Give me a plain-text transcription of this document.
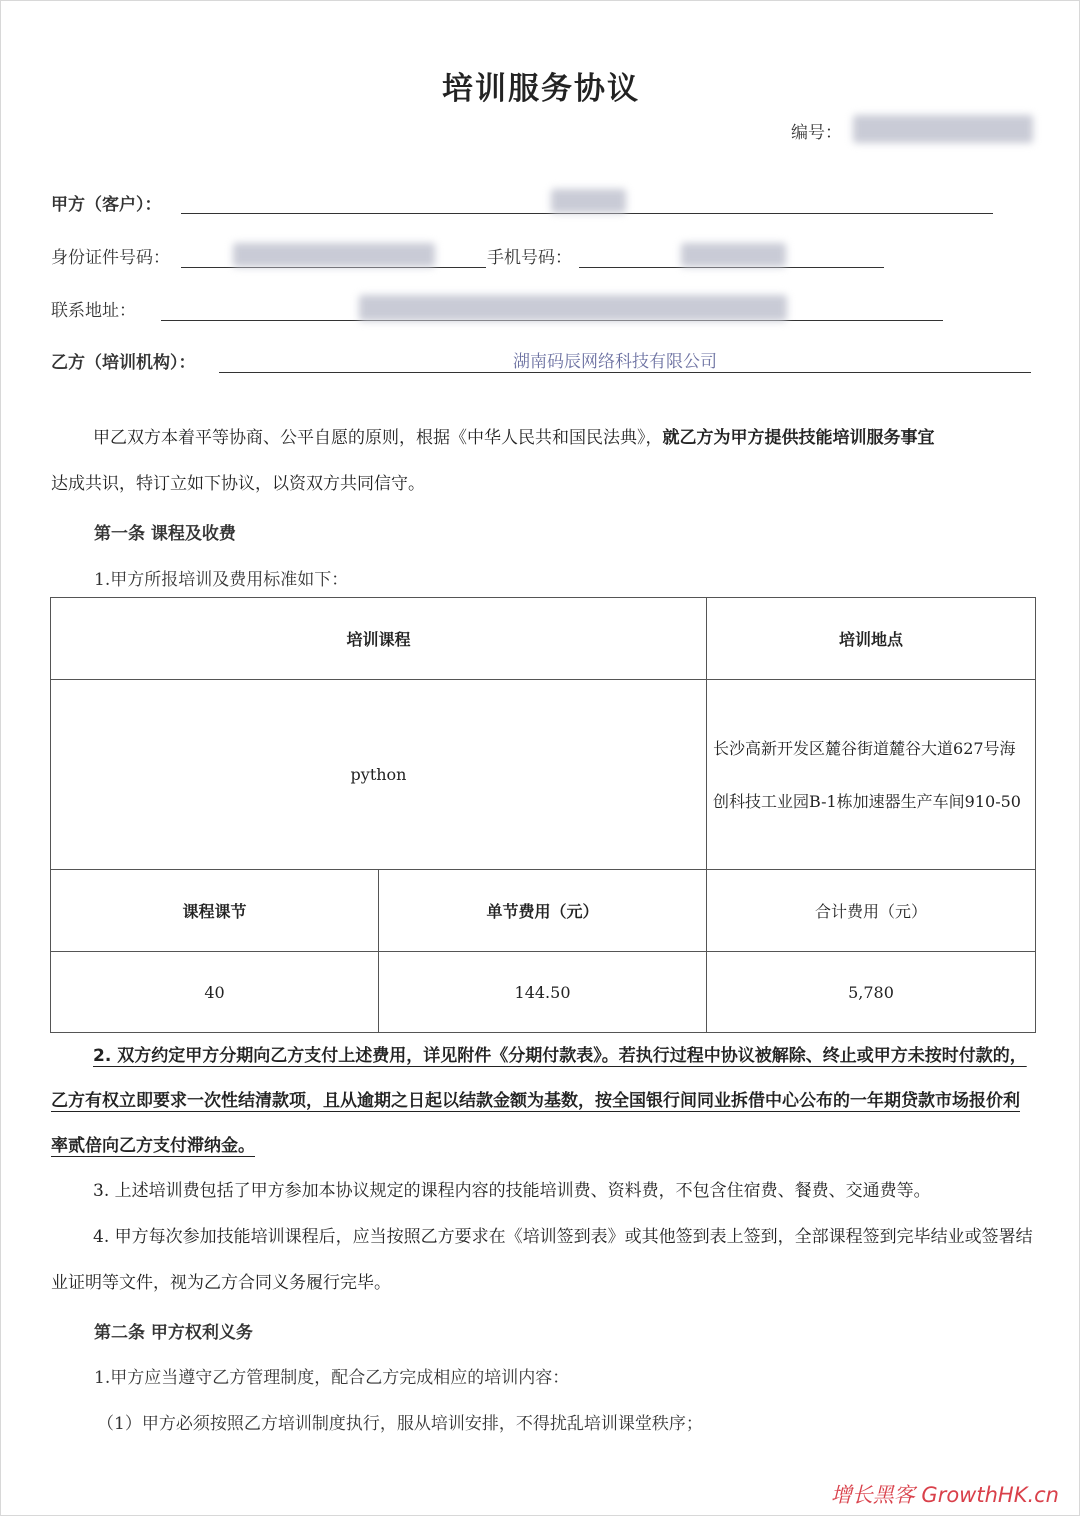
培训服务协议
编号：
甲方（客户）：
身份证件号码：	手机号码：
联系地址：
乙方（培训机构）：	湖南码辰网络科技有限公司
甲乙双方本着平等协商、公平自愿的原则，根据《中华人民共和国民法典》，就乙方为甲方提供技能培训服务事宜
达成共识，特订立如下协议，以资双方共同信守。
第一条 课程及收费
1.甲方所报培训及费用标准如下：
培训课程		培训地点
python		长沙高新开发区麓谷街道麓谷大道627号海创科技工业园B-1栋加速器生产车间910-50
课程课节	单节费用（元）	合计费用（元）
40	144.50	5,780
2. 双方约定甲方分期向乙方支付上述费用，详见附件《分期付款表》。若执行过程中协议被解除、终止或甲方未按时付款的，乙方有权立即要求一次性结清款项，且从逾期之日起以结款金额为基数，按全国银行间同业拆借中心公布的一年期贷款市场报价利率贰倍向乙方支付滞纳金。
3. 上述培训费包括了甲方参加本协议规定的课程内容的技能培训费、资料费，不包含住宿费、餐费、交通费等。
4. 甲方每次参加技能培训课程后，应当按照乙方要求在《培训签到表》或其他签到表上签到，全部课程签到完毕结业或签署结业证明等文件，视为乙方合同义务履行完毕。
第二条 甲方权利义务
1.甲方应当遵守乙方管理制度，配合乙方完成相应的培训内容：
（1）甲方必须按照乙方培训制度执行，服从培训安排，不得扰乱培训课堂秩序；
增长黑客 GrowthHK.cn
